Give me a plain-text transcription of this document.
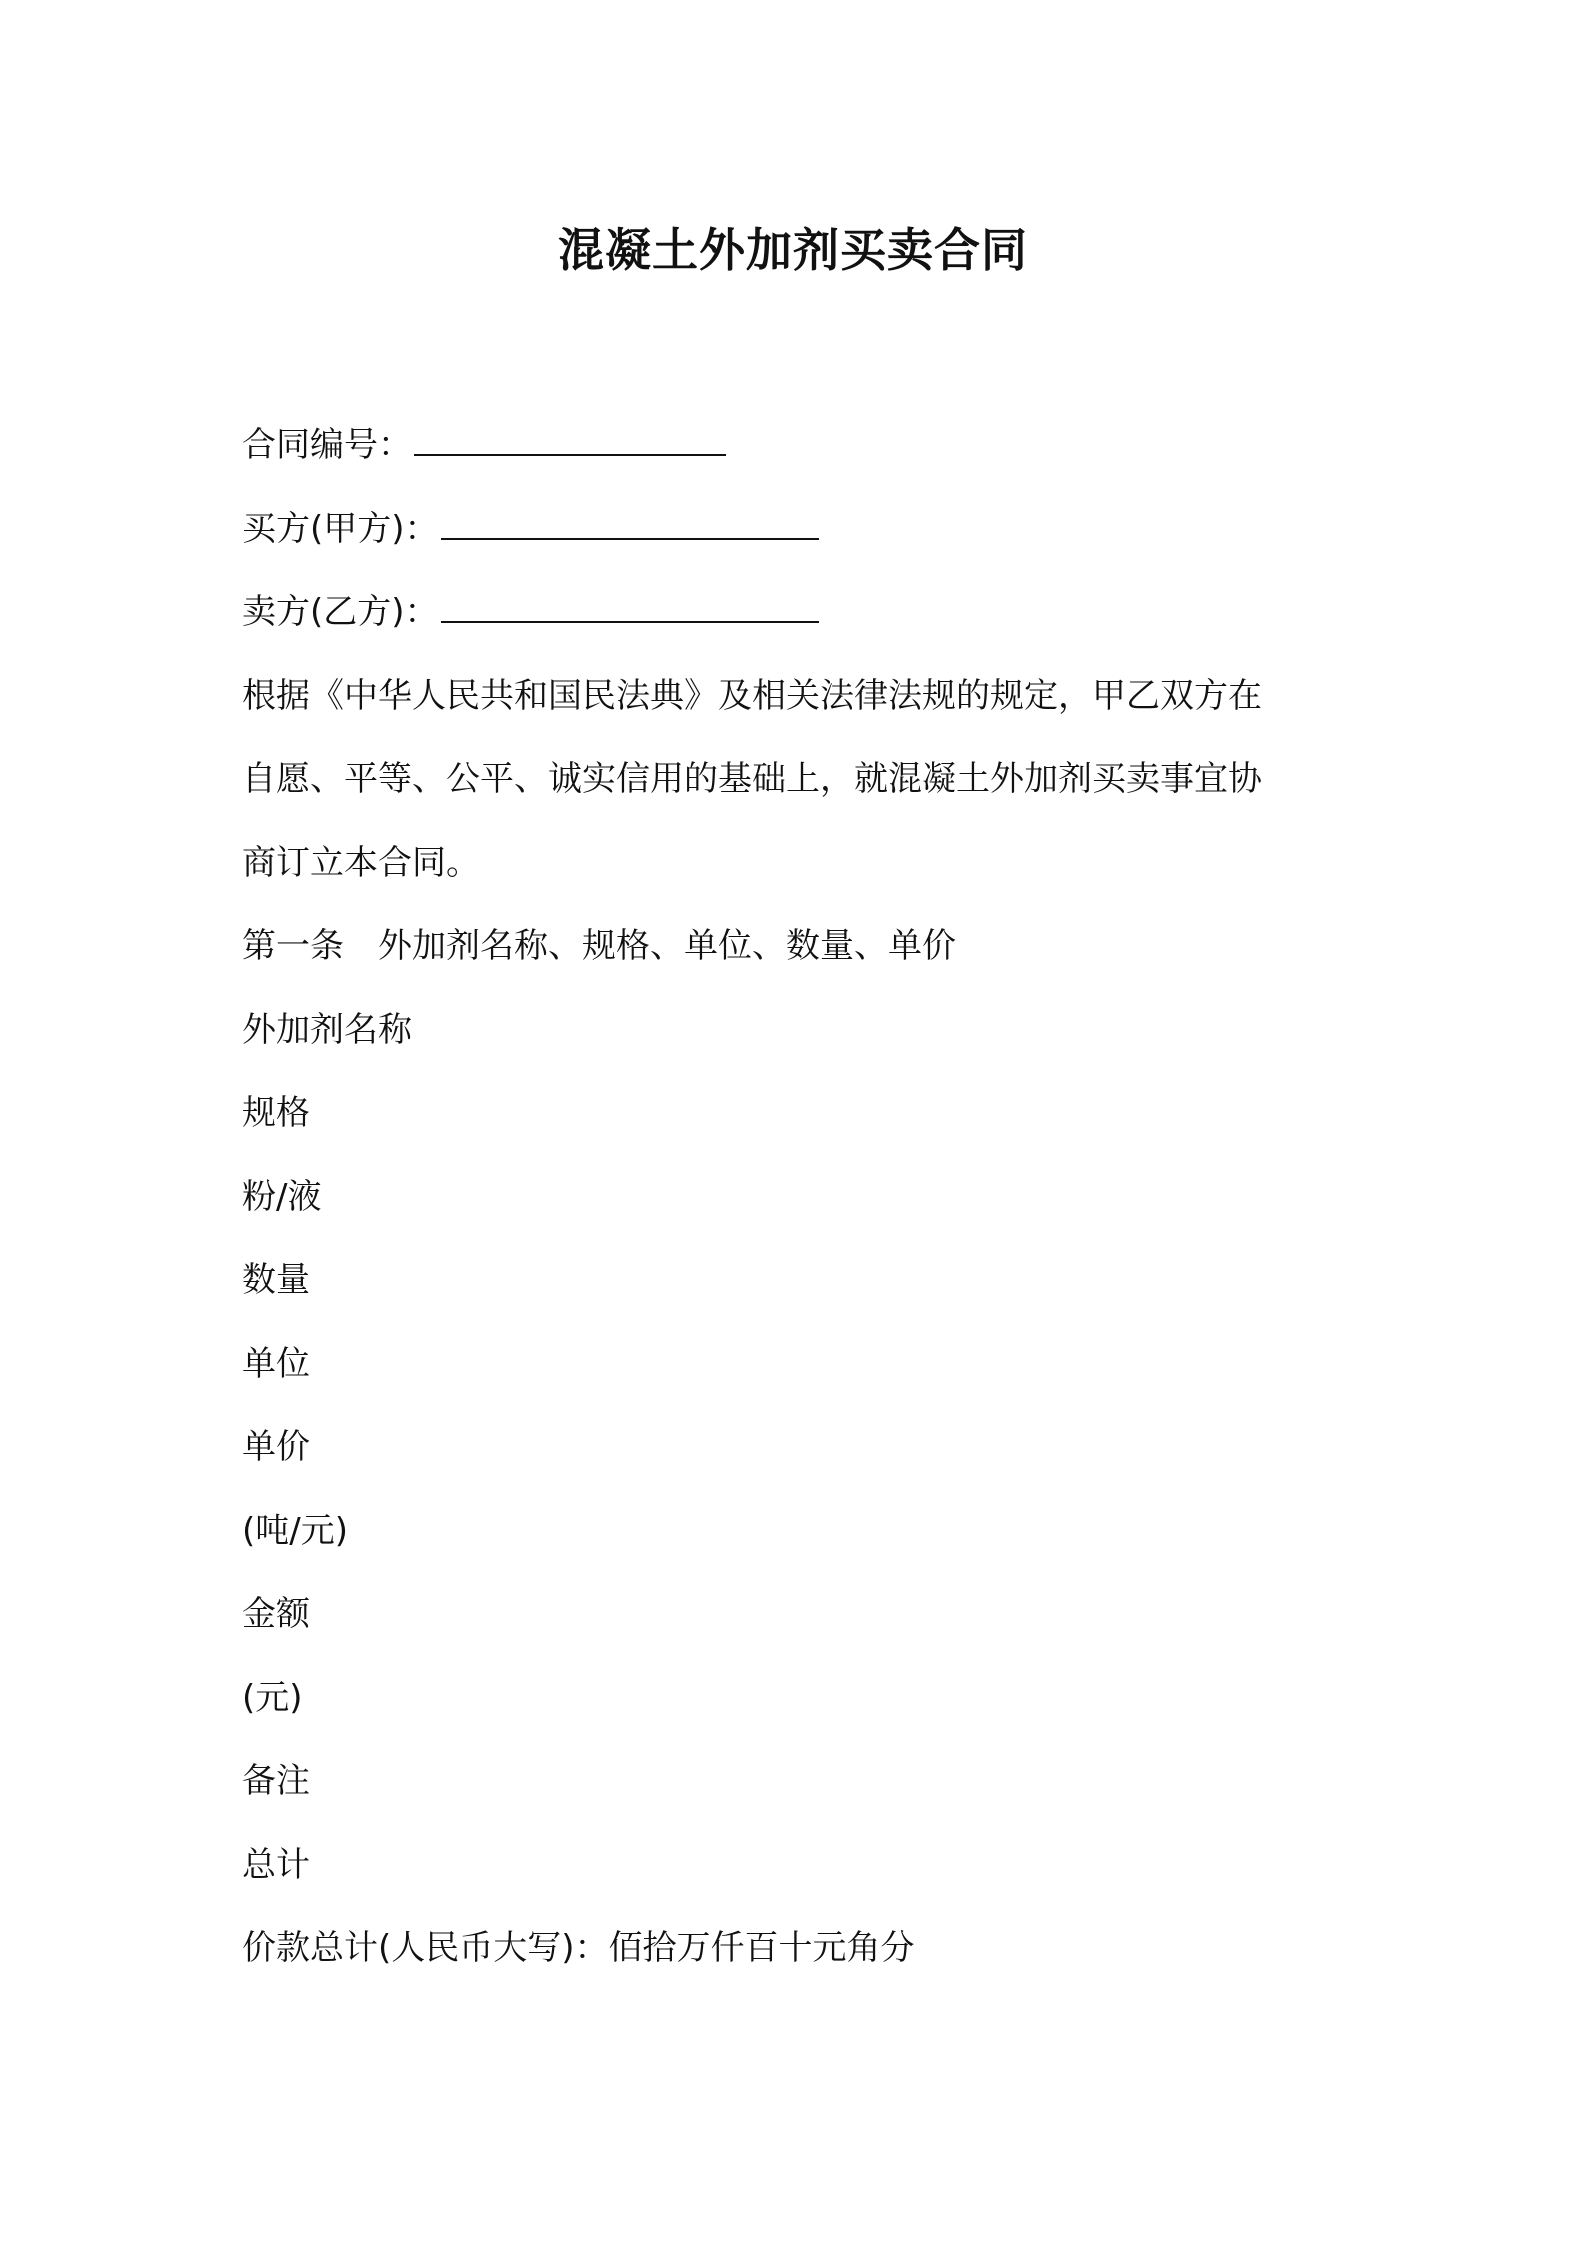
混凝土外加剂买卖合同
合同编号：
买方(甲方)：
卖方(乙方)：
根据《中华人民共和国民法典》及相关法律法规的规定，甲乙双方在
自愿、平等、公平、诚实信用的基础上，就混凝土外加剂买卖事宜协
商订立本合同。
第一条 外加剂名称、规格、单位、数量、单价
外加剂名称
规格
粉/液
数量
单位
单价
(吨/元)
金额
(元)
备注
总计
价款总计(人民币大写)：佰拾万仟百十元角分
